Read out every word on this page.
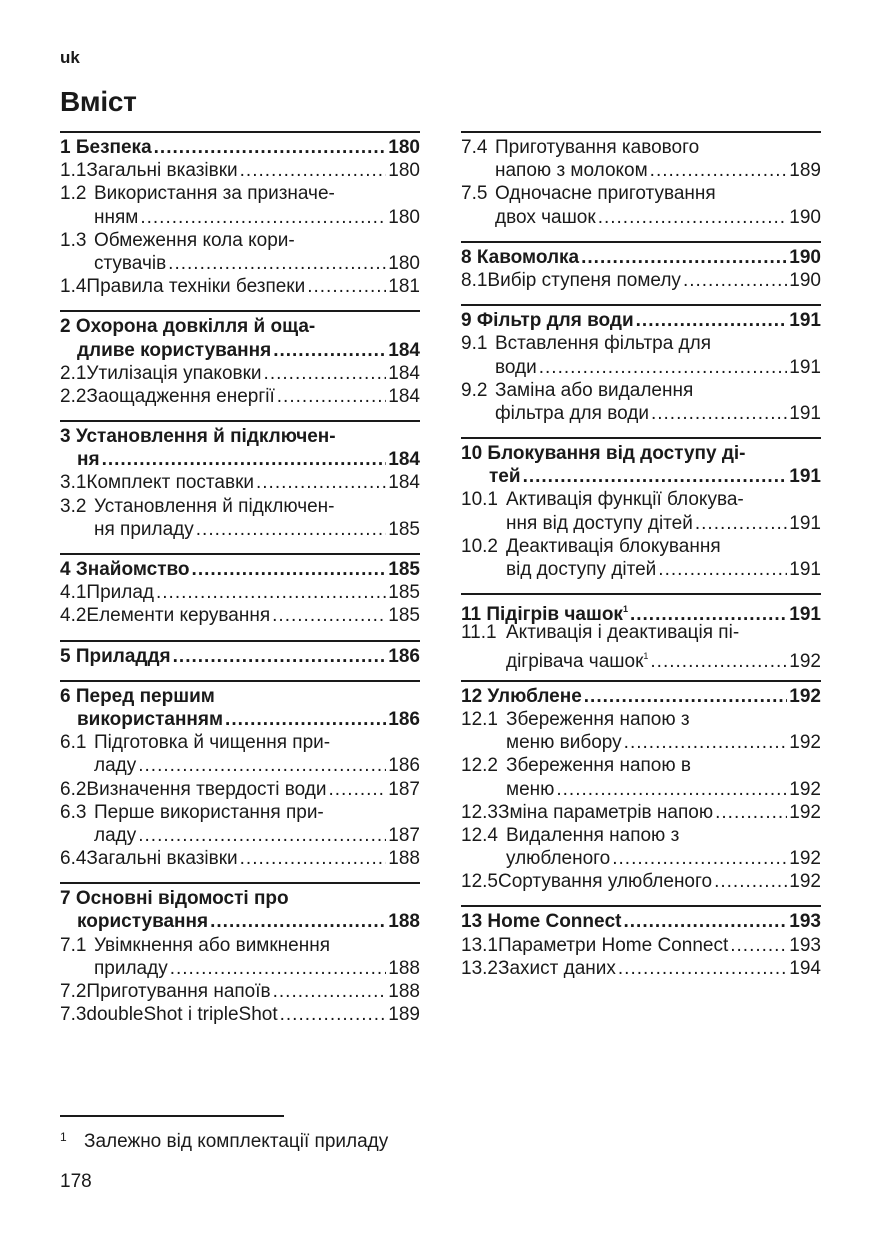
uk
Вміст
1 Безпека .....	180
1.1 Загальні вказівки .....	180
1.2 Використання за призначе-
нням .....	180
1.3 Обмеження кола кори-
стувачів .....	180
1.4 Правила техніки безпеки .....	181
2 Охорона довкілля й оща-
дливе користування .....	184
2.1 Утилізація упаковки .....	184
2.2 Заощадження енергії .....	184
3 Установлення й підключен-
ня .....	184
3.1 Комплект поставки .....	184
3.2 Установлення й підключен-
ня приладу .....	185
4 Знайомство .....	185
4.1 Прилад .....	185
4.2 Елементи керування .....	185
5 Приладдя .....	186
6 Перед першим
використанням .....	186
6.1 Підготовка й чищення при-
ладу .....	186
6.2 Визначення твердості води .....	187
6.3 Перше використання при-
ладу .....	187
6.4 Загальні вказівки .....	188
7 Основні відомості про
користування .....	188
7.1 Увімкнення або вимкнення
приладу .....	188
7.2 Приготування напоїв .....	188
7.3 doubleShot і tripleShot .....	189
7.4 Приготування кавового
напою з молоком .....	189
7.5 Одночасне приготування
двох чашок .....	190
8 Кавомолка .....	190
8.1 Вибір ступеня помелу .....	190
9 Фільтр для води .....	191
9.1 Вставлення фільтра для
води .....	191
9.2 Заміна або видалення
фільтра для води .....	191
10 Блокування від доступу ді-
тей .....	191
10.1 Активація функції блокува-
ння від доступу дітей .....	191
10.2 Деактивація блокування
від доступу дітей .....	191
11 Підігрів чашок$^1$ .....	191
11.1 Активація і деактивація пі-
дігрівача чашок$^1$ .....	192
12 Улюблене .....	192
12.1 Збереження напою з
меню вибору .....	192
12.2 Збереження напою в
меню .....	192
12.3 Зміна параметрів напою .....	192
12.4 Видалення напою з
улюбленого .....	192
12.5 Сортування улюбленого .....	192
13 Home Connect .....	193
13.1 Параметри Home Connect .....	193
13.2 Захист даних .....	194
1 Залежно від комплектації приладу
178
